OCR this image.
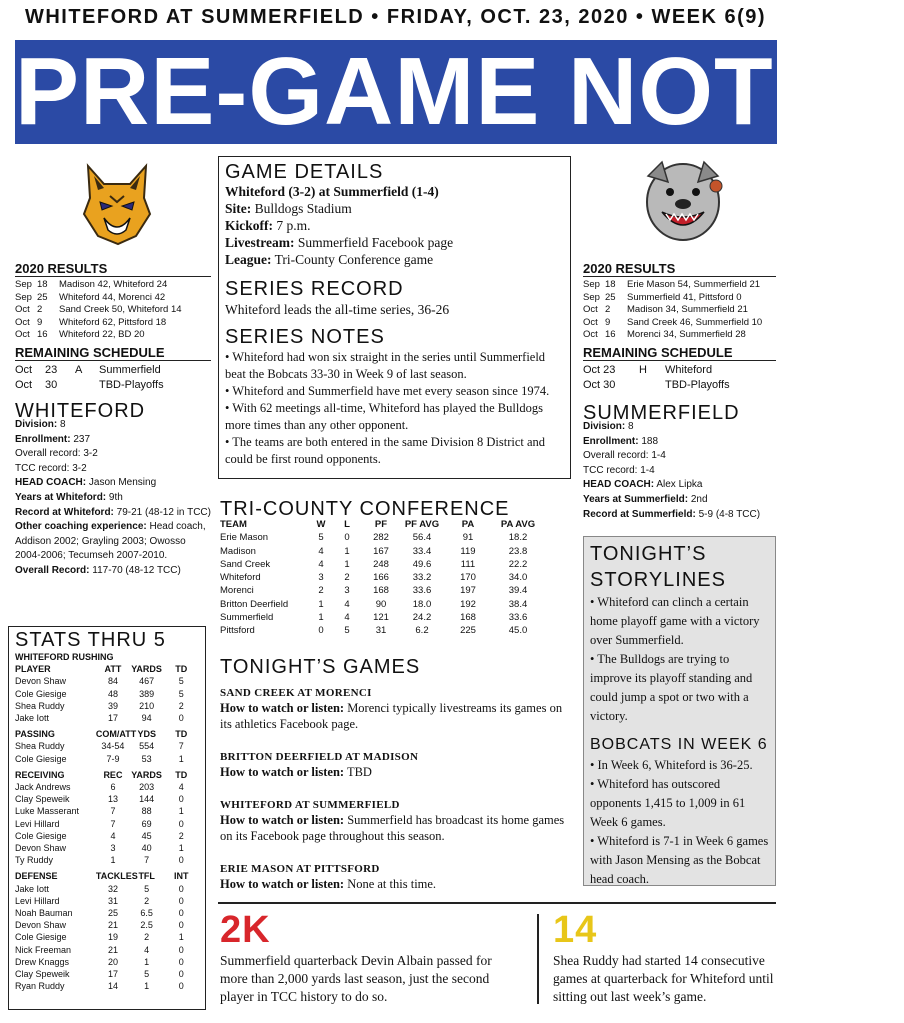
WHITEFORD AT SUMMERFIELD • FRIDAY, OCT. 23, 2020 • WEEK 6(9)
PRE-GAME NOTES
2020 RESULTS
Sep 18	Madison 42, Whiteford 24
Sep 25	Whiteford 44, Morenci 42
Oct 2	Sand Creek 50, Whiteford 14
Oct 9	Whiteford 62, Pittsford 18
Oct 16	Whiteford 22, BD 20
REMAINING SCHEDULE
Oct	23	A	Summerfield
Oct	30	TBD-Playoffs
WHITEFORD
Division: 8
Enrollment: 237
Overall record: 3-2
TCC record: 3-2
HEAD COACH: Jason Mensing
Years at Whiteford: 9th
Record at Whiteford: 79-21 (48-12 in TCC)
Other coaching experience: Head coach, Addison 2002; Grayling 2003; Owosso 2004-2006; Tecumseh 2007-2010.
Overall Record: 117-70 (48-12 TCC)
2020 RESULTS
Sep 18	Erie Mason 54, Summerfield 21
Sep 25	Summerfield 41, Pittsford 0
Oct 2	Madison 34, Summerfield 21
Oct 9	Sand Creek 46, Summerfield 10
Oct 16	Morenci 34, Summerfield 28
REMAINING SCHEDULE
Oct 23	H	Whiteford
Oct 30	TBD-Playoffs
SUMMERFIELD
Division: 8
Enrollment: 188
Overall record: 1-4
TCC record: 1-4
HEAD COACH: Alex Lipka
Years at Summerfield: 2nd
Record at Summerfield: 5-9 (4-8 TCC)
GAME DETAILS
Whiteford (3-2) at Summerfield (1-4)
Site: Bulldogs Stadium
Kickoff: 7 p.m.
Livestream: Summerfield Facebook page
League: Tri-County Conference game
SERIES RECORD
Whiteford leads the all-time series, 36-26
SERIES NOTES
• Whiteford had won six straight in the series until Summerfield beat the Bobcats 33-30 in Week 9 of last season.
• Whiteford and Summerfield have met every season since 1974.
• With 62 meetings all-time, Whiteford has played the Bulldogs more times than any other opponent.
• The teams are both entered in the same Division 8 District and could be first round opponents.
TRI-COUNTY CONFERENCE
TEAM	W	L	PF	PF AVG	PA	PA AVG
Erie Mason	5	0	282	56.4	91	18.2
Madison	4	1	167	33.4	119	23.8
Sand Creek	4	1	248	49.6	111	22.2
Whiteford	3	2	166	33.2	170	34.0
Morenci	2	3	168	33.6	197	39.4
Britton Deerfield	1	4	90	18.0	192	38.4
Summerfield	1	4	121	24.2	168	33.6
Pittsford	0	5	31	6.2	225	45.0
TONIGHT’S GAMES
SAND CREEK AT MORENCI
How to watch or listen: Morenci typically livestreams its games on its athletics Facebook page.
BRITTON DEERFIELD AT MADISON
How to watch or listen: TBD
WHITEFORD AT SUMMERFIELD
How to watch or listen: Summerfield has broadcast its home games on its Facebook page throughout this season.
ERIE MASON AT PITTSFORD
How to watch or listen: None at this time.
STATS THRU 5
WHITEFORD RUSHING
PLAYER	ATT	YARDS	TD
Devon Shaw	84	467	5
Cole Giesige	48	389	5
Shea Ruddy	39	210	2
Jake Iott	17	94	0
PASSING	COM/ATT YDS	TD
Shea Ruddy	34-54	554	7
Cole Giesige	7-9	53	1
RECEIVING	REC YARDS	TD
Jack Andrews	6	203	4
Clay Speweik	13	144	0
Luke Masserant	7	88	1
Levi Hillard	7	69	0
Cole Giesige	4	45	2
Devon Shaw	3	40	1
Ty Ruddy	1	7	0
DEFENSE	TACKLES TFL	INT
Jake Iott	32	5	0
Levi Hillard	31	2	0
Noah Bauman	25	6.5	0
Devon Shaw	21	2.5	0
Cole Giesige	19	2	1
Nick Freeman	21	4	0
Drew Knaggs	20	1	0
Clay Speweik	17	5	0
Ryan Ruddy	14	1	0
TONIGHT’S
STORYLINES
• Whiteford can clinch a certain home playoff game with a victory over Summerfield.
• The Bulldogs are trying to improve its playoff standing and could jump a spot or two with a victory.
BOBCATS IN WEEK 6
• In Week 6, Whiteford is 36-25.
• Whiteford has outscored opponents 1,415 to 1,009 in 61 Week 6 games.
• Whiteford is 7-1 in Week 6 games with Jason Mensing as the Bobcat head coach.
2K
Summerfield quarterback Devin Albain passed for more than 2,000 yards last season, just the second player in TCC history to do so.
14
Shea Ruddy had started 14 consecutive games at quarterback for Whiteford until sitting out last week’s game.
